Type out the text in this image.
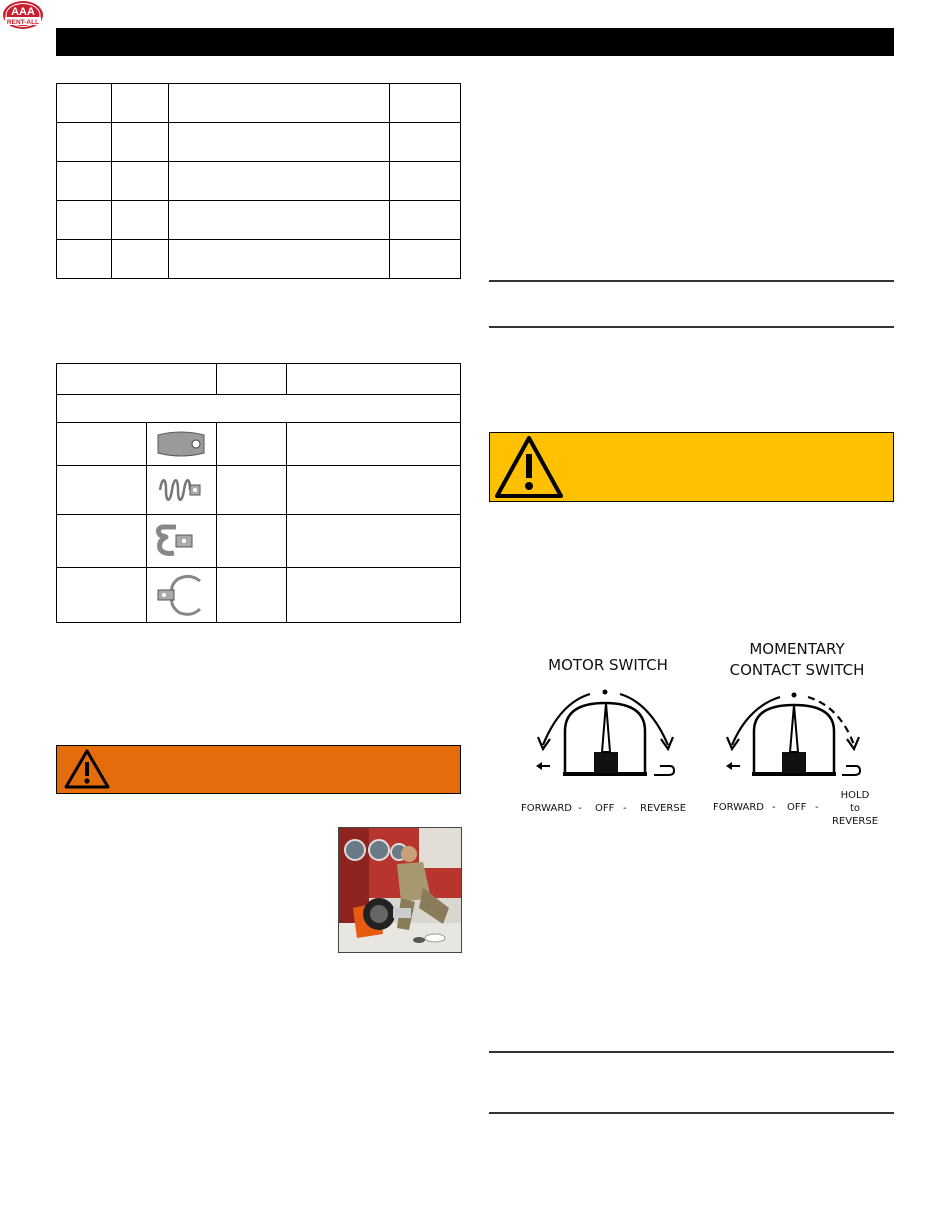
AAA
RENT-ALL

MOTOR SWITCH
FORWARD - OFF - REVERSE
MOMENTARY
CONTACT SWITCH
FORWARD - OFF -
HOLD
to
REVERSE
